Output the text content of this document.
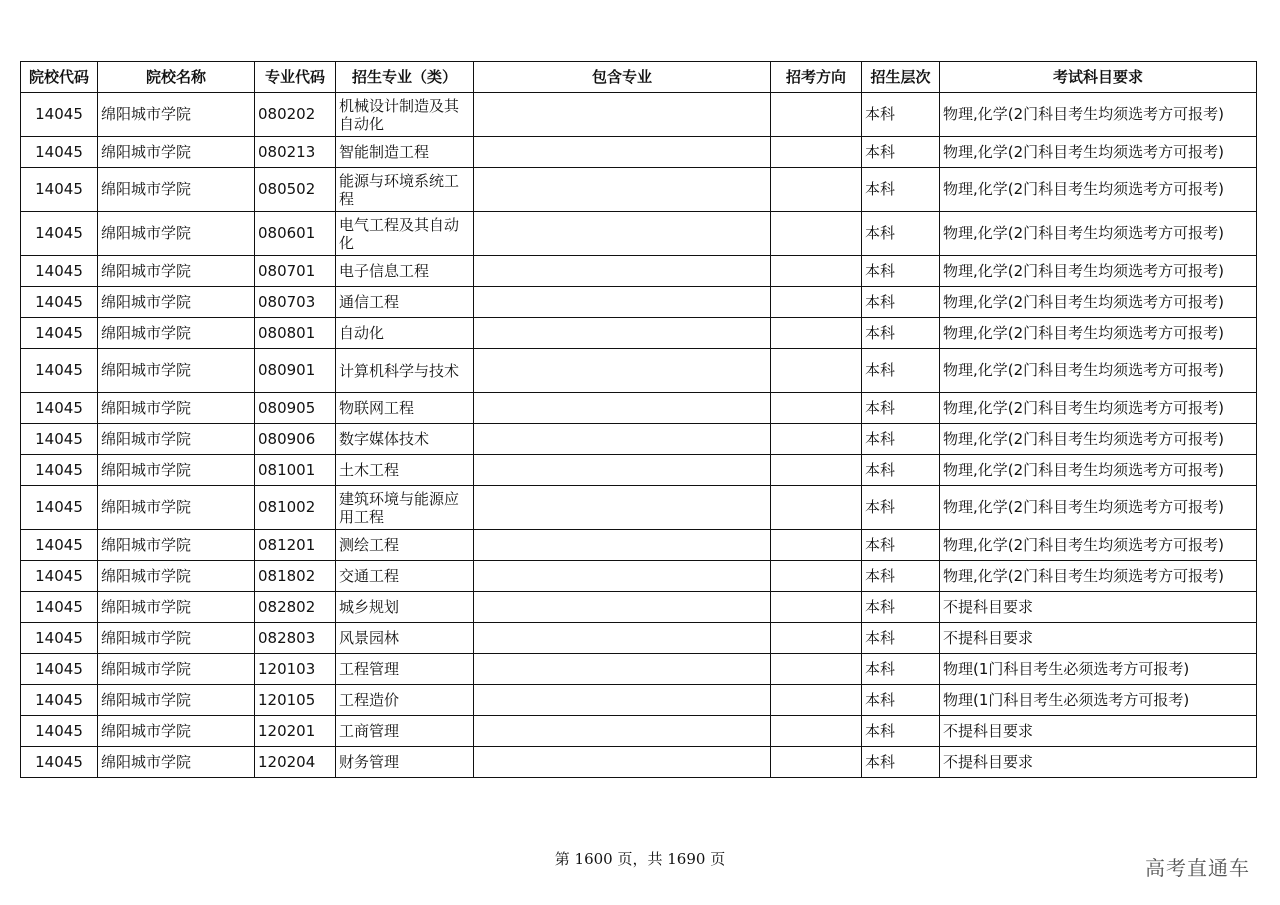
院校代码	院校名称	专业代码	招生专业（类）	包含专业	招考方向	招生层次	考试科目要求
14045	绵阳城市学院	080202	机械设计制造及其自动化			本科	物理,化学(2门科目考生均须选考方可报考)
14045	绵阳城市学院	080213	智能制造工程			本科	物理,化学(2门科目考生均须选考方可报考)
14045	绵阳城市学院	080502	能源与环境系统工程			本科	物理,化学(2门科目考生均须选考方可报考)
14045	绵阳城市学院	080601	电气工程及其自动化			本科	物理,化学(2门科目考生均须选考方可报考)
14045	绵阳城市学院	080701	电子信息工程			本科	物理,化学(2门科目考生均须选考方可报考)
14045	绵阳城市学院	080703	通信工程			本科	物理,化学(2门科目考生均须选考方可报考)
14045	绵阳城市学院	080801	自动化			本科	物理,化学(2门科目考生均须选考方可报考)
14045	绵阳城市学院	080901	计算机科学与技术			本科	物理,化学(2门科目考生均须选考方可报考)
14045	绵阳城市学院	080905	物联网工程			本科	物理,化学(2门科目考生均须选考方可报考)
14045	绵阳城市学院	080906	数字媒体技术			本科	物理,化学(2门科目考生均须选考方可报考)
14045	绵阳城市学院	081001	土木工程			本科	物理,化学(2门科目考生均须选考方可报考)
14045	绵阳城市学院	081002	建筑环境与能源应用工程			本科	物理,化学(2门科目考生均须选考方可报考)
14045	绵阳城市学院	081201	测绘工程			本科	物理,化学(2门科目考生均须选考方可报考)
14045	绵阳城市学院	081802	交通工程			本科	物理,化学(2门科目考生均须选考方可报考)
14045	绵阳城市学院	082802	城乡规划			本科	不提科目要求
14045	绵阳城市学院	082803	风景园林			本科	不提科目要求
14045	绵阳城市学院	120103	工程管理			本科	物理(1门科目考生必须选考方可报考)
14045	绵阳城市学院	120105	工程造价			本科	物理(1门科目考生必须选考方可报考)
14045	绵阳城市学院	120201	工商管理			本科	不提科目要求
14045	绵阳城市学院	120204	财务管理			本科	不提科目要求
第 1600 页，共 1690 页	高考直通车
